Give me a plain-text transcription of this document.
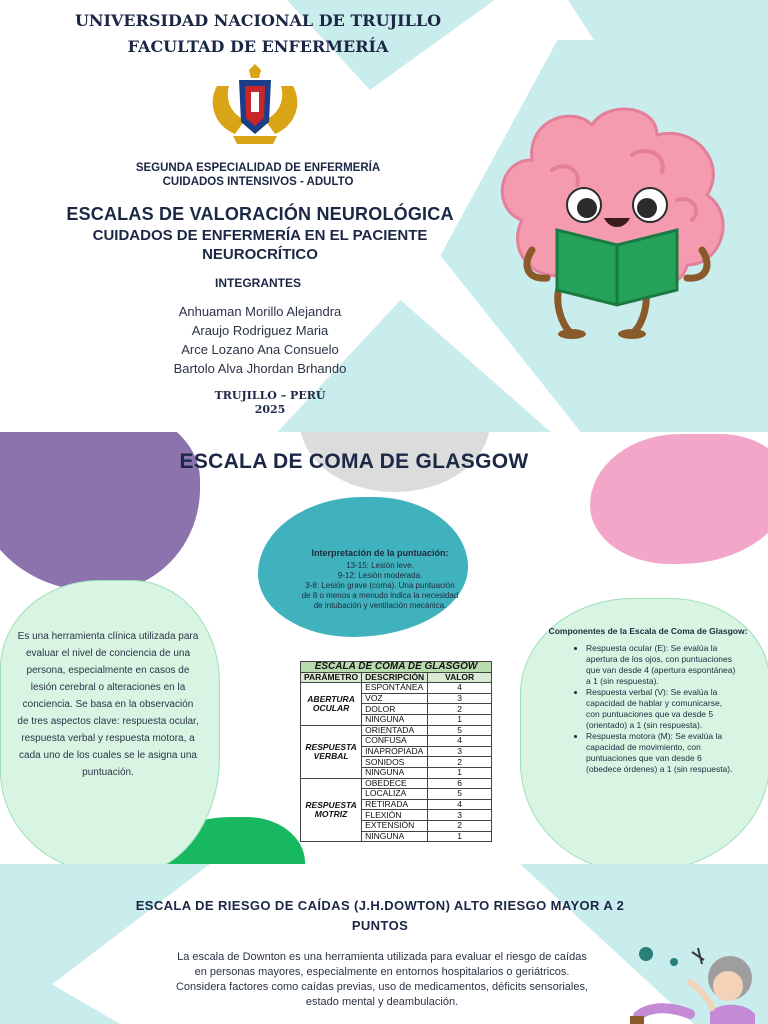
UNIVERSIDAD NACIONAL DE TRUJILLO
FACULTAD DE ENFERMERÍA
SEGUNDA ESPECIALIDAD DE ENFERMERÍA
CUIDADOS INTENSIVOS - ADULTO
ESCALAS DE VALORACIÓN NEUROLÓGICA
CUIDADOS DE ENFERMERÍA EN EL PACIENTE
NEUROCRÍTICO
INTEGRANTES
Anhuaman Morillo Alejandra
Araujo Rodriguez Maria
Arce Lozano Ana Consuelo
Bartolo Alva Jhordan Brhando
TRUJILLO – PERÚ
2025
ESCALA DE COMA DE GLASGOW
Interpretación de la puntuación:
13-15: Lesión leve.
9-12: Lesión moderada.
3-8: Lesión grave (coma). Una puntuación de 8 o menos a menudo indica la necesidad de intubación y ventilación mecánica.
Es una herramienta clínica utilizada para evaluar el nivel de conciencia de una persona, especialmente en casos de lesión cerebral o alteraciones en la conciencia. Se basa en la observación de tres aspectos clave: respuesta ocular, respuesta verbal y respuesta motora, a cada uno de los cuales se le asigna una puntuación.
Componentes de la Escala de Coma de Glasgow:
• Respuesta ocular (E): Se evalúa la apertura de los ojos, con puntuaciones que van desde 4 (apertura espontánea) a 1 (sin respuesta).
• Respuesta verbal (V): Se evalúa la capacidad de hablar y comunicarse, con puntuaciones que va desde 5 (orientado) a 1 (sin respuesta).
• Respuesta motora (M): Se evalúa la capacidad de movimiento, con puntuaciones que van desde 6 (obedece órdenes) a 1 (sin respuesta).
ESCALA DE COMA DE GLASGOW		
PARÁMETRO	DESCRIPCIÓN	VALOR
ABERTURA OCULAR	ESPONTÁNEA	4
	VOZ	3
	DOLOR	2
	NINGUNA	1
RESPUESTA VERBAL	ORIENTADA	5
	CONFUSA	4
	INAPROPIADA	3
	SONIDOS	2
	NINGUNA	1
RESPUESTA MOTRIZ	OBEDECE	6
	LOCALIZA	5
	RETIRADA	4
	FLEXIÓN	3
	EXTENSIÓN	2
	NINGUNA	1
ESCALA DE RIESGO DE CAÍDAS (J.H.DOWTON) ALTO RIESGO MAYOR A 2 PUNTOS
La escala de Downton es una herramienta utilizada para evaluar el riesgo de caídas en personas mayores, especialmente en entornos hospitalarios o geriátricos. Considera factores como caídas previas, uso de medicamentos, déficits sensoriales, estado mental y deambulación.
